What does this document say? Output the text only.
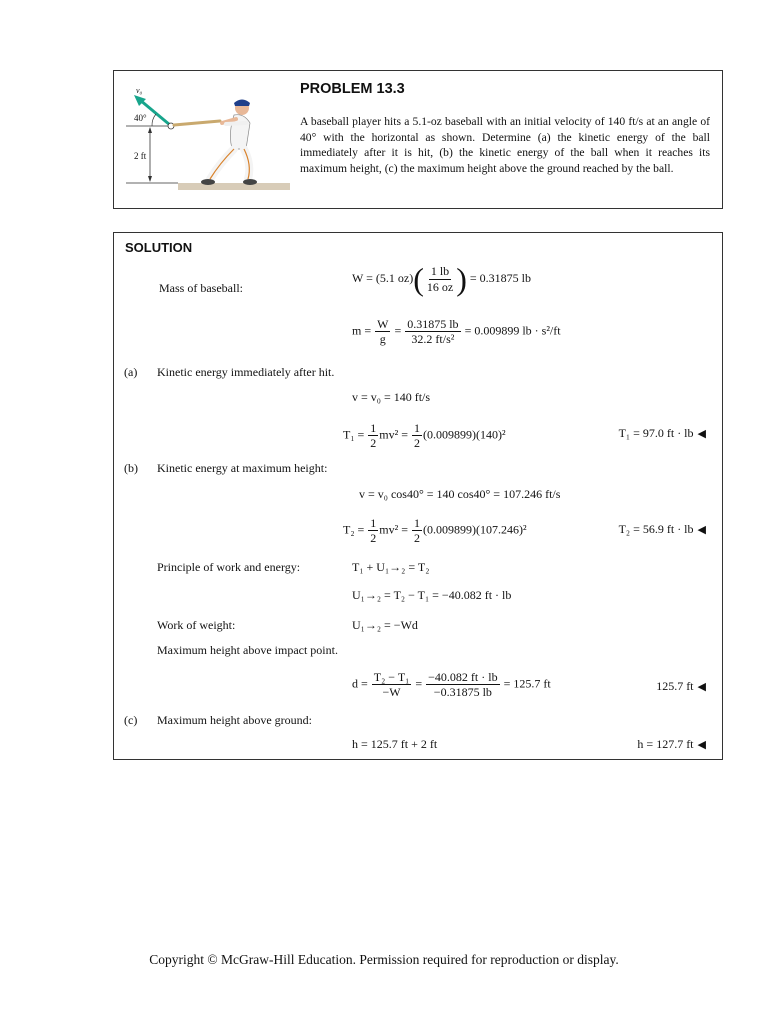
40°
2 ft
v₀	PROBLEM 13.3

A baseball player hits a 5.1-oz baseball with an initial velocity of 140 ft/s at an angle of 40° with the horizontal as shown. Determine (a) the kinetic energy of the ball immediately after it is hit, (b) the kinetic energy of the ball when it reaches its maximum height, (c) the maximum height above the ground reached by the ball.

SOLUTION
Mass of baseball:
W = (5.1 $oz)( \frac{1 lb}{16 oz}$ ) = 0.31875 lb
$m = \frac{W}{g} = \frac{0.31875 lb}{\text{32.2 ft/s²}} = 0.009899$ lb · s²/ft
(a) Kinetic energy immediately after hit.
v = v₀ = 140 ft/s
$T_1 = \frac{1}{2} mv^2 = \frac{1}{2} (0.009899)(140)^2$	T₁ = 97.0 ft · lb ◀
(b) Kinetic energy at maximum height:
v = v₀ cos40° = 140 cos40° = 107.246 ft/s
$T_2 = \frac{1}{2} mv^2 = \frac{1}{2} (0.009899)(107.246)^2$	T₂ = 56.9 ft · lb ◀
Principle of work and energy:	T₁ + U₁→₂ = T₂
U₁→₂ = T₂ − T₁ = −40.082 ft · lb
Work of weight:	U₁→₂ = −Wd
Maximum height above impact point.
$d = \frac{\text{T₂ − T₁}}{-W} = \frac{-40.082 ft \cdot lb}{-0.31875 lb} = 125.7$ ft	125.7 ft ◀
(c) Maximum height above ground:
h = 125.7 ft + 2 ft	h = 127.7 ft ◀
Copyright © McGraw-Hill Education. Permission required for reproduction or display.
